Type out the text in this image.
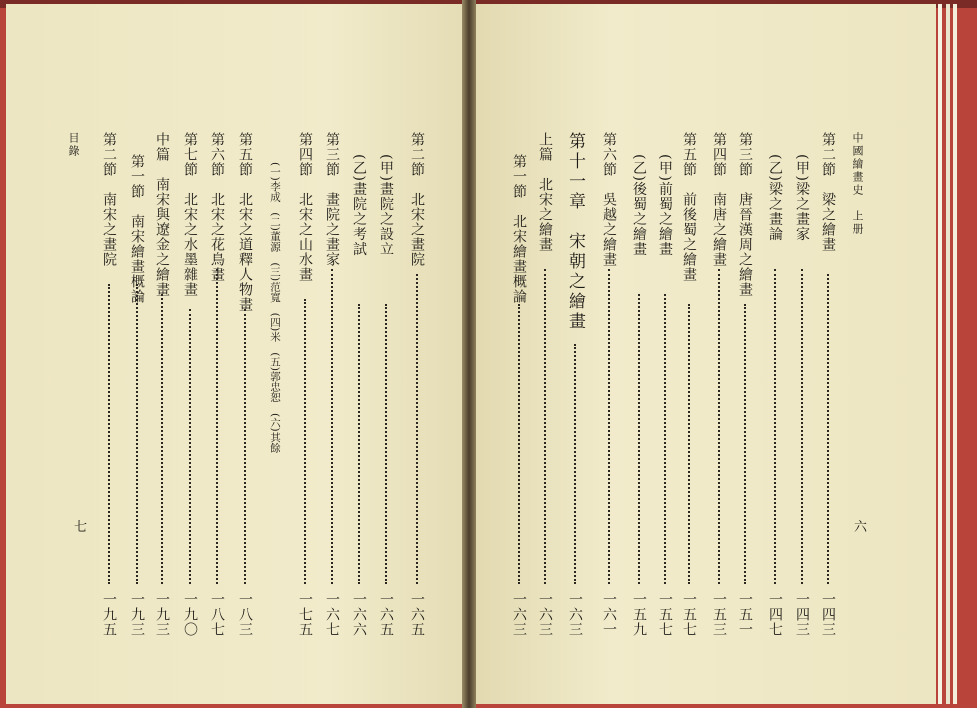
目錄
七
第二節　北宋之畫院
一六五
(甲)畫院之設立
一六五
(乙)畫院之考試
一六六
第三節　畫院之畫家
一六七
第四節　北宋之山水畫
一七五
(一)李成　(二)董源　(三)范寬　(四)米　(五)郭忠恕　(六)其餘
第五節　北宋之道釋人物畫
一八三
第六節　北宋之花鳥畫
一八七
第七節　北宋之水墨雜畫
一九〇
中篇　南宋與遼金之繪畫
一九三
第一節　南宋繪畫概論
一九三
第二節　南宋之畫院
一九五
中國繪畫史　上册
六
第二節　梁之繪畫
一四三
(甲)梁之畫家
一四三
(乙)梁之畫論
一四七
第三節　唐晉漢周之繪畫
一五一
第四節　南唐之繪畫
一五三
第五節　前後蜀之繪畫
一五七
(甲)前蜀之繪畫
一五七
(乙)後蜀之繪畫
一五九
第六節　吳越之繪畫
一六一
第十一章　宋朝之繪畫
一六三
上篇　北宋之繪畫
一六三
第一節　北宋繪畫概論
一六三
